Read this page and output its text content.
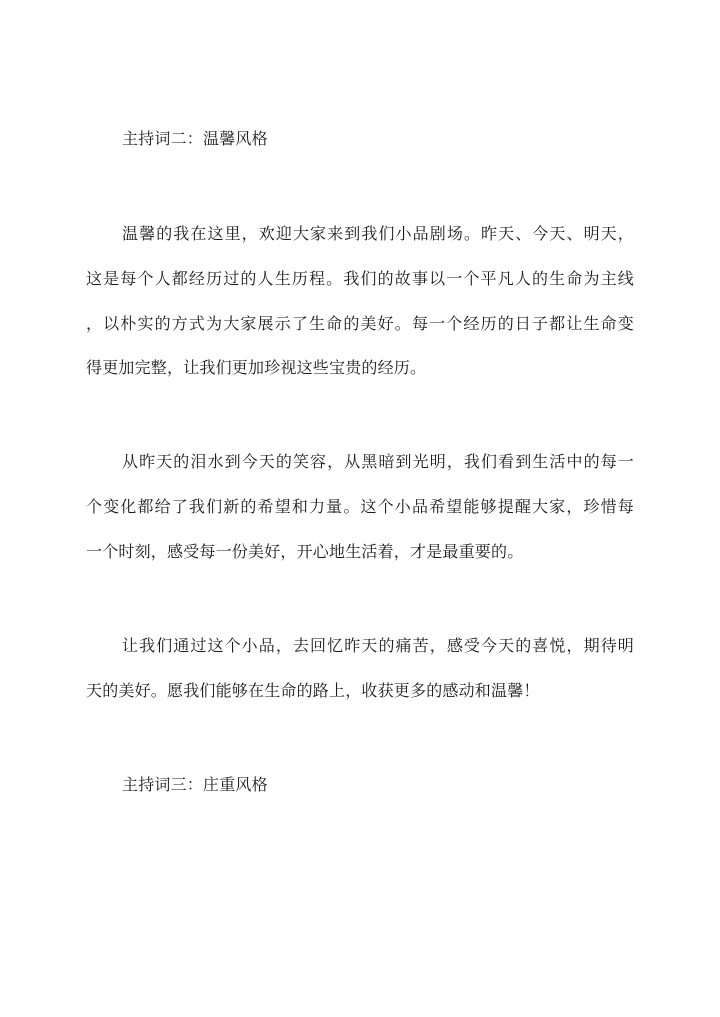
主持词二：温馨风格
温馨的我在这里，欢迎大家来到我们小品剧场。昨天、今天、明天，
这是每个人都经历过的人生历程。我们的故事以一个平凡人的生命为主线
，以朴实的方式为大家展示了生命的美好。每一个经历的日子都让生命变
得更加完整，让我们更加珍视这些宝贵的经历。
从昨天的泪水到今天的笑容，从黑暗到光明，我们看到生活中的每一
个变化都给了我们新的希望和力量。这个小品希望能够提醒大家，珍惜每
一个时刻，感受每一份美好，开心地生活着，才是最重要的。
让我们通过这个小品，去回忆昨天的痛苦，感受今天的喜悦，期待明
天的美好。愿我们能够在生命的路上，收获更多的感动和温馨！
主持词三：庄重风格
